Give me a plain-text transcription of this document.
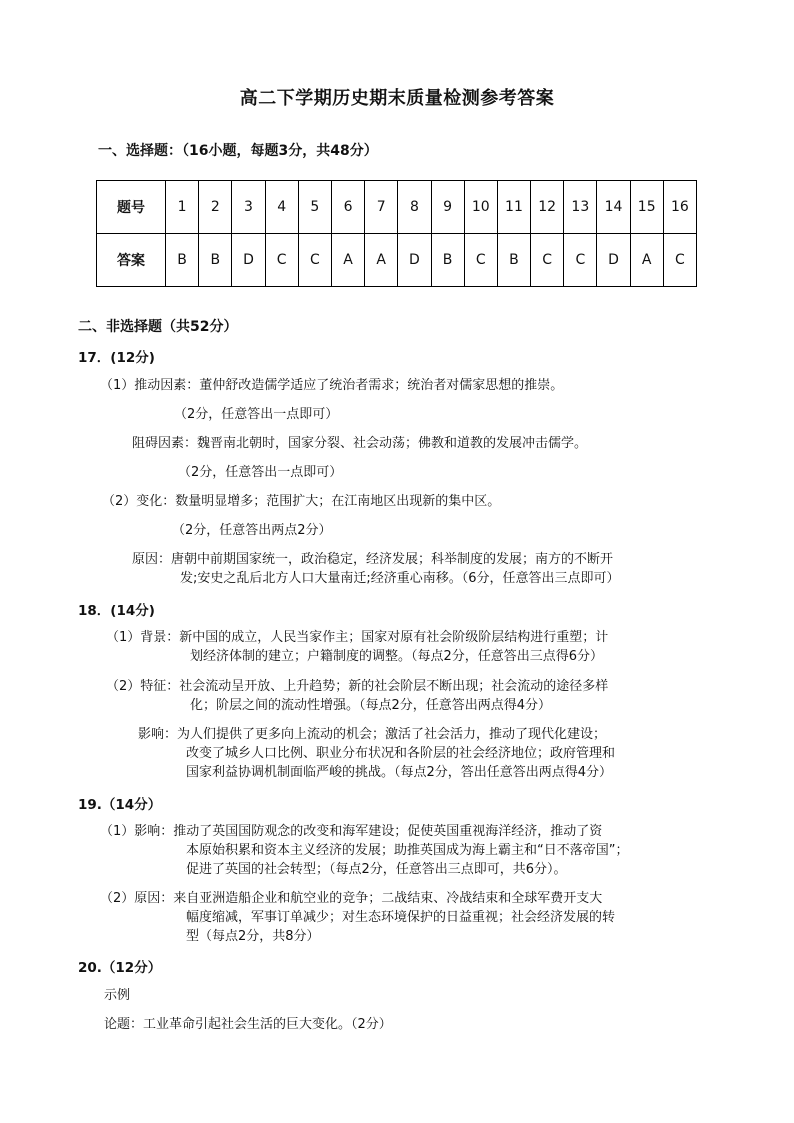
高二下学期历史期末质量检测参考答案
一、选择题：（16小题，每题3分，共48分）
题号	1	2	3	4	5	6	7	8	9	10	11	12	13	14	15	16
答案	B	B	D	C	C	A	A	D	B	C	B	C	C	D	A	C
二、非选择题（共52分）
17．(12分)
（1）推动因素：董仲舒改造儒学适应了统治者需求；统治者对儒家思想的推崇。
（2分，任意答出一点即可）
阻碍因素：魏晋南北朝时，国家分裂、社会动荡；佛教和道教的发展冲击儒学。
（2分，任意答出一点即可）
（2）变化：数量明显增多；范围扩大；在江南地区出现新的集中区。
（2分，任意答出两点2分）
原因：唐朝中前期国家统一，政治稳定，经济发展；科举制度的发展；南方的不断开
发;安史之乱后北方人口大量南迁;经济重心南移。（6分，任意答出三点即可）
18．(14分)
（1）背景：新中国的成立，人民当家作主；国家对原有社会阶级阶层结构进行重塑；计
划经济体制的建立；户籍制度的调整。（每点2分，任意答出三点得6分）
（2）特征：社会流动呈开放、上升趋势；新的社会阶层不断出现；社会流动的途径多样
化；阶层之间的流动性增强。（每点2分，任意答出两点得4分）
影响：为人们提供了更多向上流动的机会；激活了社会活力，推动了现代化建设；
改变了城乡人口比例、职业分布状况和各阶层的社会经济地位；政府管理和
国家利益协调机制面临严峻的挑战。（每点2分，答出任意答出两点得4分）
19.（14分）
（1）影响：推动了英国国防观念的改变和海军建设；促使英国重视海洋经济，推动了资
本原始积累和资本主义经济的发展；助推英国成为海上霸主和“日不落帝国”；
促进了英国的社会转型；（每点2分，任意答出三点即可，共6分）。
（2）原因：来自亚洲造船企业和航空业的竞争；二战结束、冷战结束和全球军费开支大
幅度缩减，军事订单减少；对生态环境保护的日益重视；社会经济发展的转
型（每点2分，共8分）
20.（12分）
示例
论题：工业革命引起社会生活的巨大变化。（2分）
